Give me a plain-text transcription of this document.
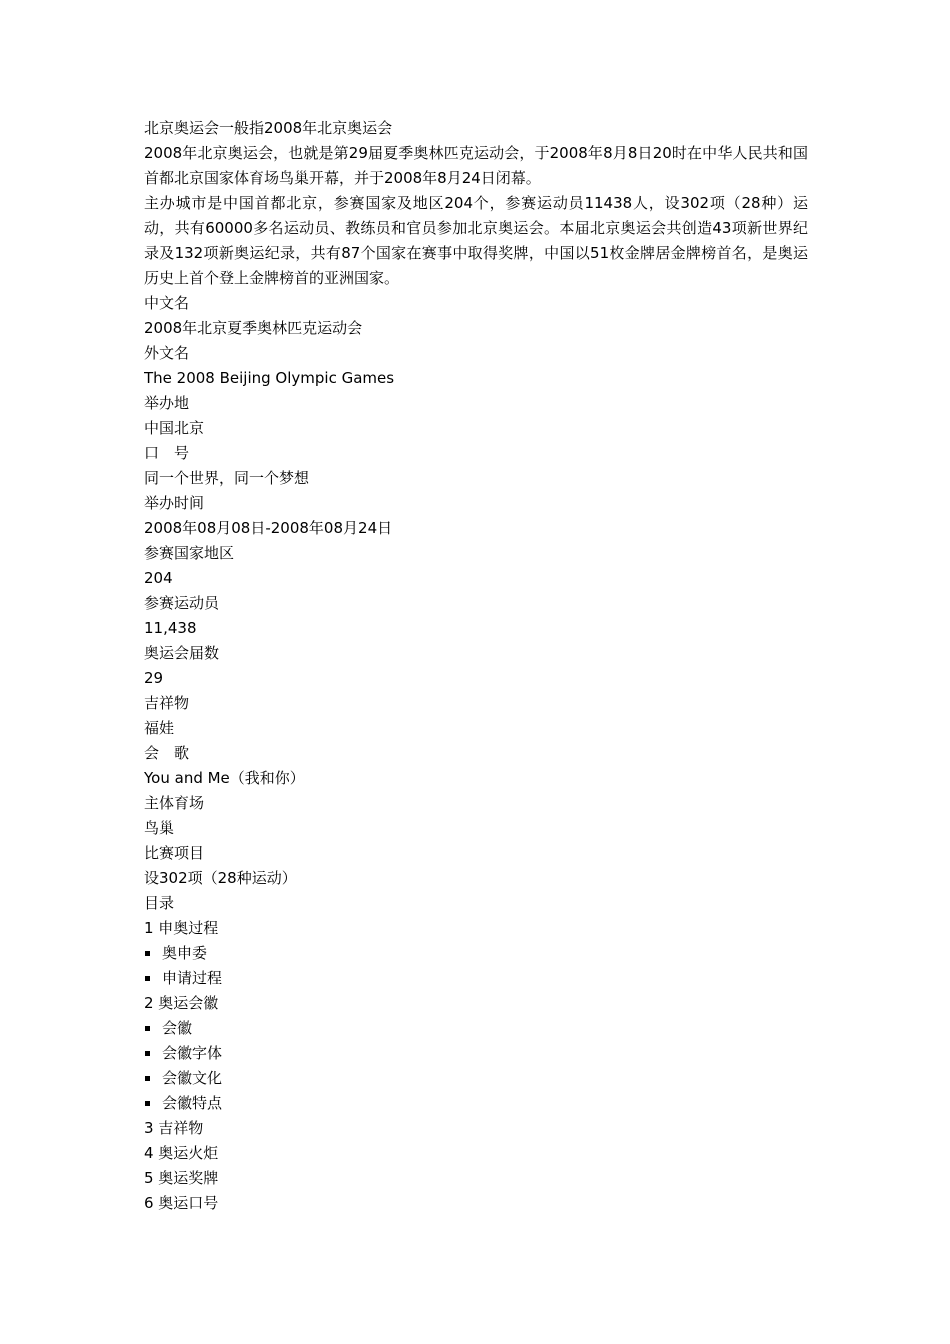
北京奥运会一般指2008年北京奥运会
2008年北京奥运会，也就是第29届夏季奥林匹克运动会，于2008年8月8日20时在中华人民共和国首都北京国家体育场鸟巢开幕，并于2008年8月24日闭幕。
主办城市是中国首都北京，参赛国家及地区204个，参赛运动员11438人，设302项（28种）运动，共有60000多名运动员、教练员和官员参加北京奥运会。本届北京奥运会共创造43项新世界纪录及132项新奥运纪录，共有87个国家在赛事中取得奖牌，中国以51枚金牌居金牌榜首名，是奥运历史上首个登上金牌榜首的亚洲国家。
中文名
2008年北京夏季奥林匹克运动会
外文名
The 2008 Beijing Olympic Games
举办地
中国北京
口　号
同一个世界，同一个梦想
举办时间
2008年08月08日-2008年08月24日
参赛国家地区
204
参赛运动员
11,438
奥运会届数
29
吉祥物
福娃
会　歌
You and Me（我和你）
主体育场
鸟巢
比赛项目
设302项（28种运动）
目录
1 申奥过程
奥申委
申请过程
2 奥运会徽
会徽
会徽字体
会徽文化
会徽特点
3 吉祥物
4 奥运火炬
5 奥运奖牌
6 奥运口号
